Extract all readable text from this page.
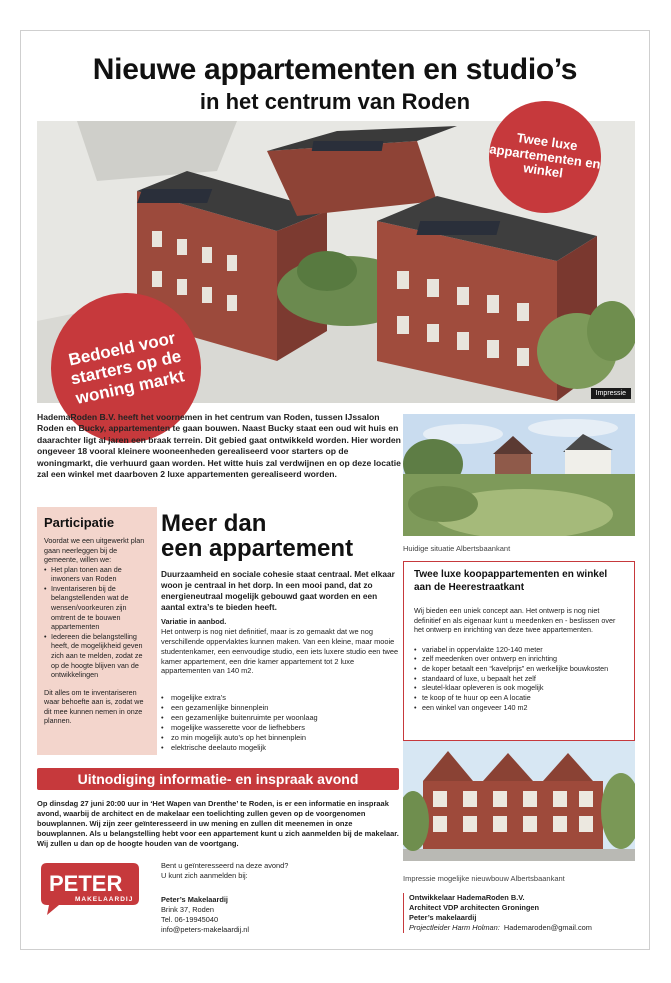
Nieuwe appartementen en studio’s
in het centrum van Roden
Impressie
Twee luxe appartementen en winkel
Bedoeld voor starters op de woning markt

HademaRoden B.V. heeft het voornemen in het centrum van Roden, tussen IJssalon Roden en Bucky, appartementen te gaan bouwen. Naast Bucky staat een oud wit huis en daarachter ligt al jaren een braak terrein. Dit gebied gaat ontwikkeld worden. Hier worden ongeveer 18 vooral kleinere wooneenheden gerealiseerd voor starters op de woningmarkt, die verhuurd gaan worden. Het witte huis zal verdwijnen en op deze locatie zal een winkel met daarboven 2 luxe appartementen gerealiseerd worden.

Huidige situatie Albertsbaankant
Participatie

Voordat we een uitgewerkt plan gaan neerleggen bij de gemeente, willen we:

• Het plan tonen aan de inwoners van Roden
• Inventariseren bij de belangstellenden wat de wensen/voorkeuren zijn omtrent de te bouwen appartementen
• Iedereen die belangstelling heeft, de mogelijkheid geven zich aan te melden, zodat ze op de hoogte blijven van de ontwikkelingen

Dit alles om te inventariseren waar behoefte aan is, zodat we dit mee kunnen nemen in onze plannen.

Meer dan
een appartement

Duurzaamheid en sociale cohesie staat centraal. Met elkaar woon je centraal in het dorp. In een mooi pand, dat zo energieneutraal mogelijk gebouwd gaat worden en een aantal extra’s te bieden heeft.

Variatie in aanbod.

Het ontwerp is nog niet definitief, maar is zo gemaakt dat we nog verschillende oppervlaktes kunnen maken. Van een kleine, maar mooie studentenkamer, een eenvoudige studio, een iets luxere studio een twee kamer appartement, een drie kamer appartement tot 2 luxe appartementen van 140 m2.

• mogelijke extra’s
• een gezamenlijke binnenplein
• een gezamenlijke buitenruimte per woonlaag
• mogelijke wasserette voor de liefhebbers
• zo min mogelijk auto’s op het binnenplein
• elektrische deelauto mogelijk
Twee luxe koopappartementen en winkel aan de Heerestraatkant

Wij bieden een uniek concept aan. Het ontwerp is nog niet definitief en als eigenaar kunt u meedenken en - beslissen over het ontwerp en inrichting van deze twee appartementen.

• variabel in oppervlakte 120-140 meter
• zelf meedenken over ontwerp en inrichting
• de koper betaalt een “kavelprijs” en werkelijke bouwkosten
• standaard of luxe, u bepaalt het zelf
• sleutel-klaar opleveren is ook mogelijk
• te koop of te huur op een A locatie
• een winkel van ongeveer 140 m2
Impressie mogelijke nieuwbouw Albertsbaankant
Uitnodiging informatie- en inspraak avond

Op dinsdag 27 juni 20:00 uur in ‘Het Wapen van Drenthe’ te Roden, is er een informatie en inspraak avond, waarbij de architect en de makelaar een toelichting zullen geven op de voorgenomen bouwplannen. Wij zijn zeer geïnteresseerd in uw mening en zullen dit meenemen in onze bouwplannen. Als u belangstelling hebt voor een appartement kunt u zich aanmelden bij de makelaar. Wij zullen u dan op de hoogte houden van de voortgang.

PETER
’S
MAKELAARDIJ
Bent u geïnteresseerd na deze avond?
U kunt zich aanmelden bij:
Peter’s Makelaardij
Brink 37, Roden
Tel. 06-19945040
info@peters-makelaardij.nl
Ontwikkelaar HademaRoden B.V.
Architect VDP architecten Groningen
Peter’s makelaardij
Projectleider Harm Holman: Hademaroden@gmail.com
